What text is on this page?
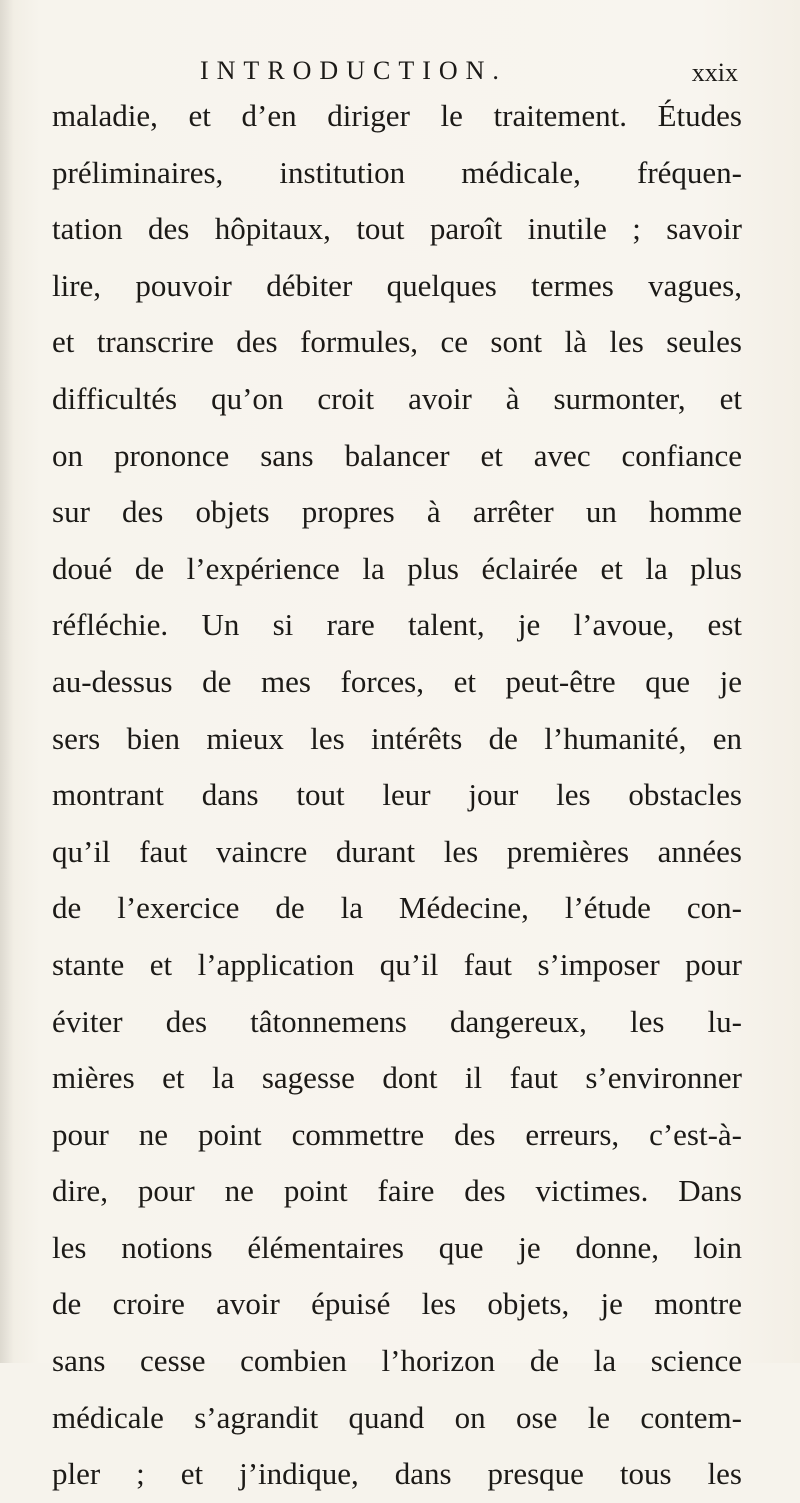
INTRODUCTION.	xxix
maladie, et d’en diriger le traitement. Études
préliminaires, institution médicale, fréquen-
tation des hôpitaux, tout paroît inutile ; savoir
lire, pouvoir débiter quelques termes vagues,
et transcrire des formules, ce sont là les seules
difficultés qu’on croit avoir à surmonter, et
on prononce sans balancer et avec confiance
sur des objets propres à arrêter un homme
doué de l’expérience la plus éclairée et la plus
réfléchie. Un si rare talent, je l’avoue, est
au-dessus de mes forces, et peut-être que je
sers bien mieux les intérêts de l’humanité, en
montrant dans tout leur jour les obstacles
qu’il faut vaincre durant les premières années
de l’exercice de la Médecine, l’étude con-
stante et l’application qu’il faut s’imposer pour
éviter des tâtonnemens dangereux, les lu-
mières et la sagesse dont il faut s’environner
pour ne point commettre des erreurs, c’est-à-
dire, pour ne point faire des victimes. Dans
les notions élémentaires que je donne, loin
de croire avoir épuisé les objets, je montre
sans cesse combien l’horizon de la science
médicale s’agrandit quand on ose le contem-
pler ; et j’indique, dans presque tous les
